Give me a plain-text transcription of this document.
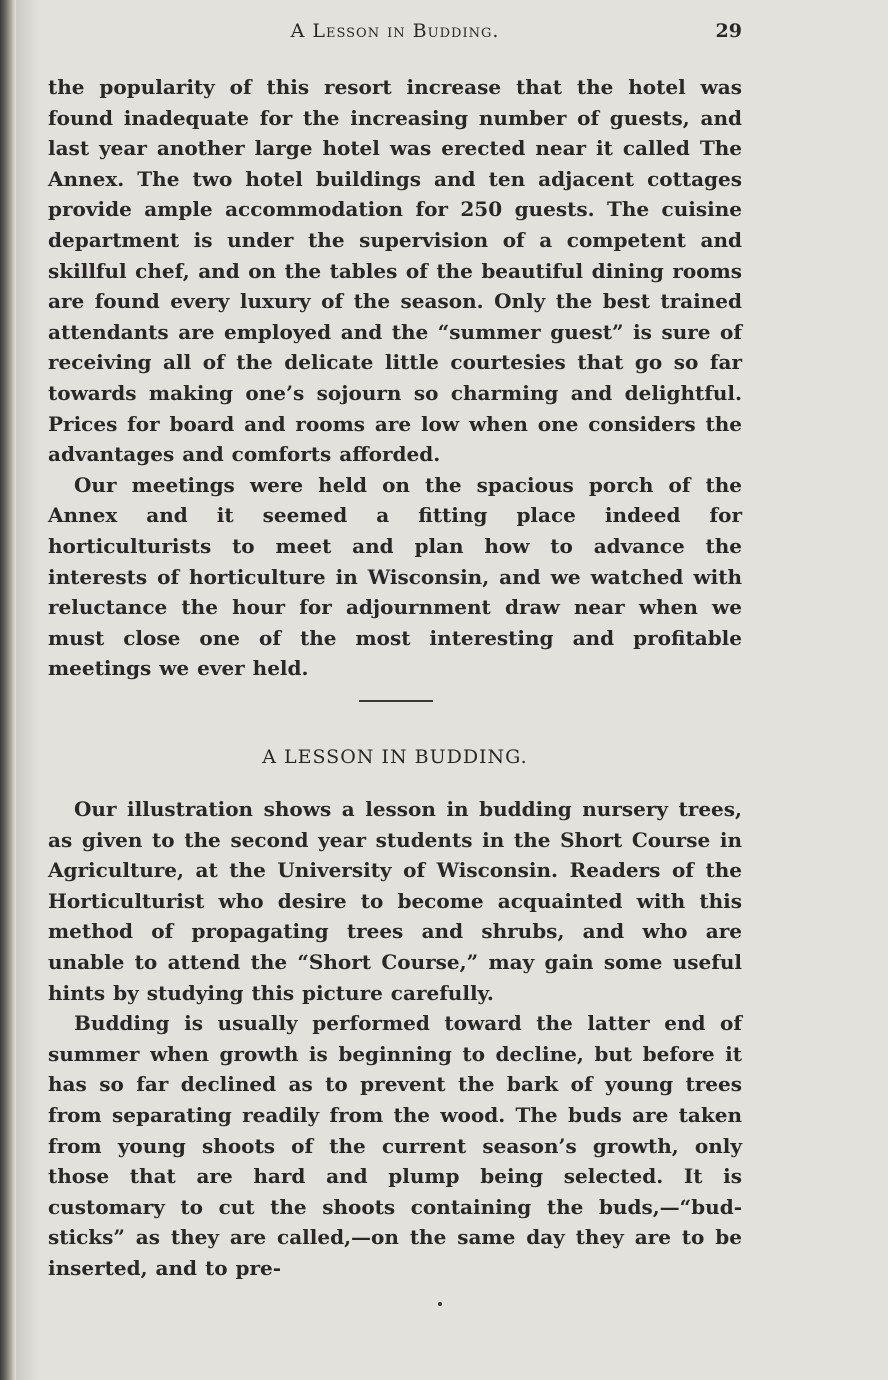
A Lesson in Budding.	29

the popularity of this resort increase that the hotel was found inadequate for the increasing number of guests, and last year another large hotel was erected near it called The Annex. The two hotel buildings and ten adjacent cottages provide ample accommodation for 250 guests. The cuisine department is under the supervision of a competent and skillful chef, and on the tables of the beautiful dining rooms are found every luxury of the season. Only the best trained attendants are employed and the “summer guest” is sure of receiving all of the delicate little courtesies that go so far towards making one’s sojourn so charming and delightful. Prices for board and rooms are low when one considers the advantages and comforts afforded.

Our meetings were held on the spacious porch of the Annex and it seemed a fitting place indeed for horticulturists to meet and plan how to advance the interests of horticulture in Wisconsin, and we watched with reluctance the hour for adjournment draw near when we must close one of the most interesting and profitable meetings we ever held.

A LESSON IN BUDDING.

Our illustration shows a lesson in budding nursery trees, as given to the second year students in the Short Course in Agriculture, at the University of Wisconsin. Readers of the Horticulturist who desire to become acquainted with this method of propagating trees and shrubs, and who are unable to attend the “Short Course,” may gain some useful hints by studying this picture carefully.

Budding is usually performed toward the latter end of summer when growth is beginning to decline, but before it has so far declined as to prevent the bark of young trees from separating readily from the wood. The buds are taken from young shoots of the current season’s growth, only those that are hard and plump being selected. It is customary to cut the shoots containing the buds,—“bud-sticks” as they are called,—on the same day they are to be inserted, and to pre-
